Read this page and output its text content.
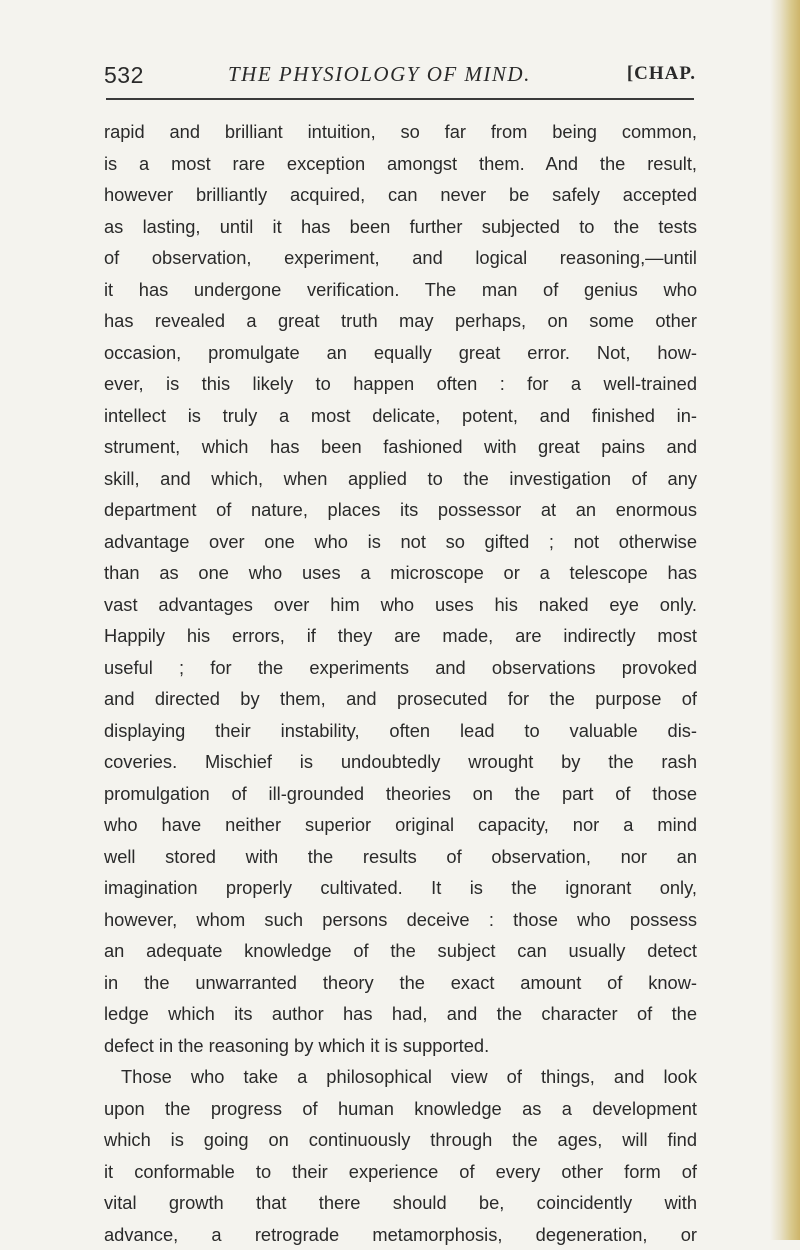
532	THE PHYSIOLOGY OF MIND.	[CHAP.
rapid and brilliant intuition, so far from being common,
is a most rare exception amongst them. And the result,
however brilliantly acquired, can never be safely accepted
as lasting, until it has been further subjected to the tests
of observation, experiment, and logical reasoning,—until
it has undergone verification. The man of genius who
has revealed a great truth may perhaps, on some other
occasion, promulgate an equally great error. Not, how-
ever, is this likely to happen often : for a well-trained
intellect is truly a most delicate, potent, and finished in-
strument, which has been fashioned with great pains and
skill, and which, when applied to the investigation of any
department of nature, places its possessor at an enormous
advantage over one who is not so gifted ; not otherwise
than as one who uses a microscope or a telescope has
vast advantages over him who uses his naked eye only.
Happily his errors, if they are made, are indirectly most
useful ; for the experiments and observations provoked
and directed by them, and prosecuted for the purpose of
displaying their instability, often lead to valuable dis-
coveries. Mischief is undoubtedly wrought by the rash
promulgation of ill-grounded theories on the part of those
who have neither superior original capacity, nor a mind
well stored with the results of observation, nor an
imagination properly cultivated. It is the ignorant only,
however, whom such persons deceive : those who possess
an adequate knowledge of the subject can usually detect
in the unwarranted theory the exact amount of know-
ledge which its author has had, and the character of the
defect in the reasoning by which it is supported.
Those who take a philosophical view of things, and look
upon the progress of human knowledge as a development
which is going on continuously through the ages, will find
it conformable to their experience of every other form of
vital growth that there should be, coincidently with
advance, a retrograde metamorphosis, degeneration, or
